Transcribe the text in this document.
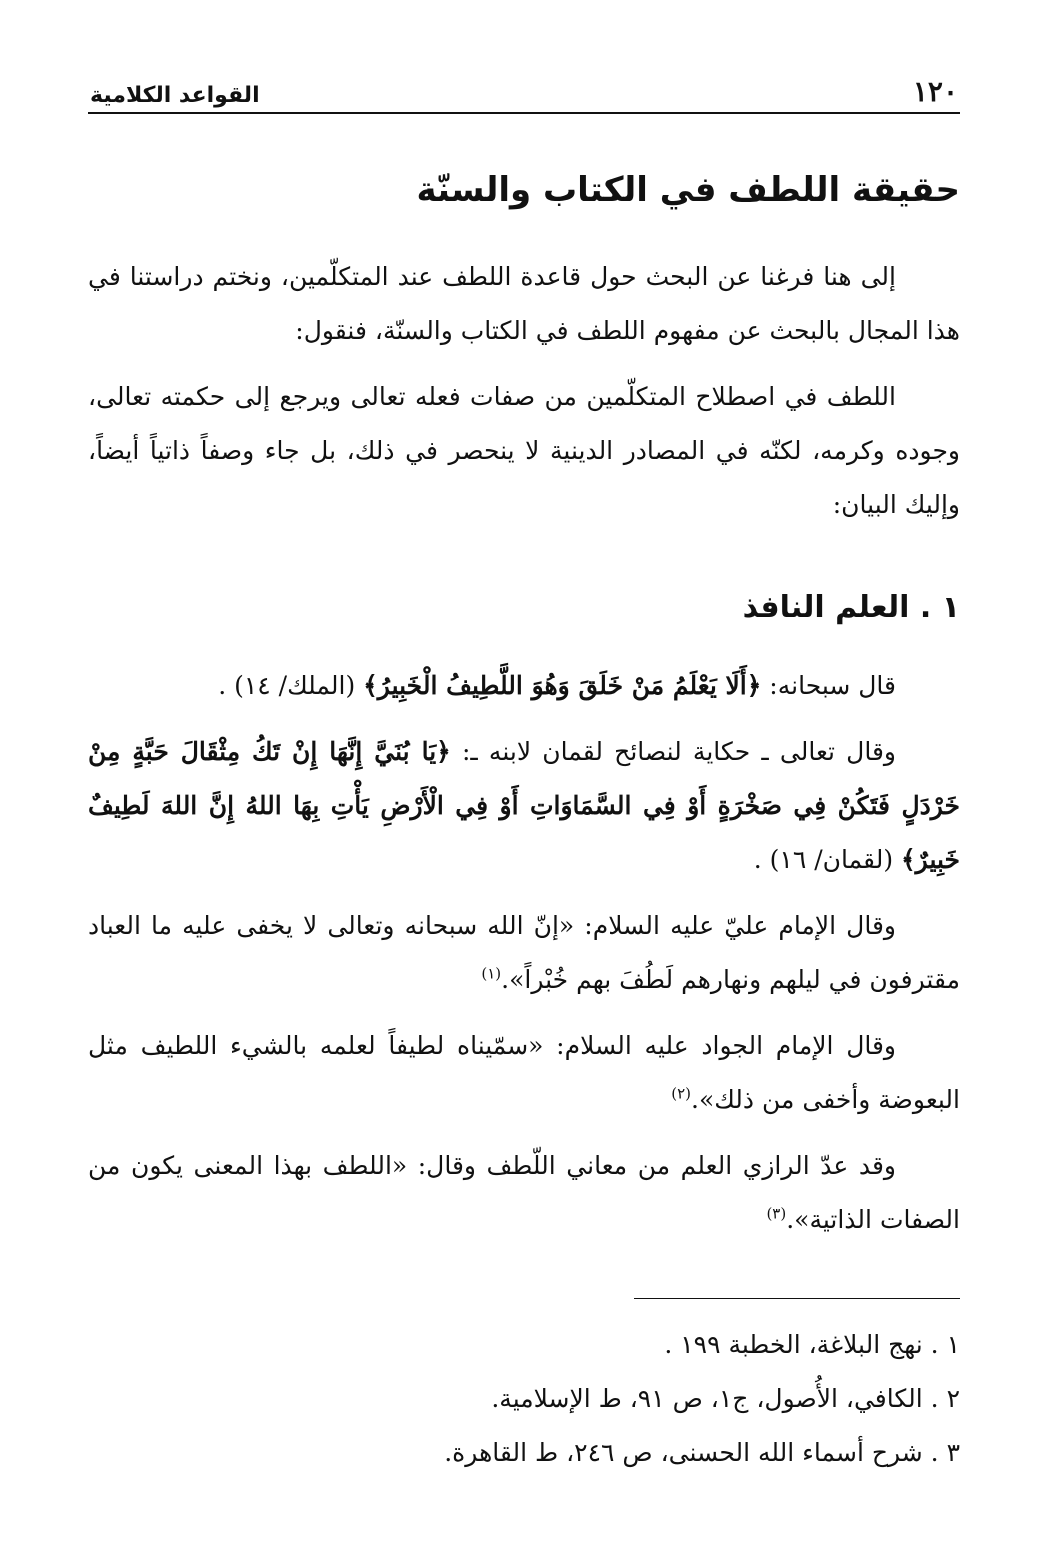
١٢٠
القواعد الكلامية
حقيقة اللطف في الكتاب والسنّة

إلى هنا فرغنا عن البحث حول قاعدة اللطف عند المتكلّمين، ونختم دراستنا في هذا المجال بالبحث عن مفهوم اللطف في الكتاب والسنّة، فنقول:

اللطف في اصطلاح المتكلّمين من صفات فعله تعالى ويرجع إلى حكمته تعالى، وجوده وكرمه، لكنّه في المصادر الدينية لا ينحصر في ذلك، بل جاء وصفاً ذاتياً أيضاً، وإليك البيان:

١ . العلم النافذ

قال سبحانه: ﴿أَلَا يَعْلَمُ مَنْ خَلَقَ وَهُوَ اللَّطِيفُ الْخَبِيرُ﴾ (الملك/ ١٤) .

وقال تعالى ـ حكاية لنصائح لقمان لابنه ـ: ﴿يَا بُنَيَّ إِنَّهَا إِنْ تَكُ مِثْقَالَ حَبَّةٍ مِنْ خَرْدَلٍ فَتَكُنْ فِي صَخْرَةٍ أَوْ فِي السَّمَاوَاتِ أَوْ فِي الْأَرْضِ يَأْتِ بِهَا اللهُ إِنَّ اللهَ لَطِيفٌ خَبِيرٌ﴾ (لقمان/ ١٦) .

وقال الإمام عليّ عليه السلام: «إنّ الله سبحانه وتعالى لا يخفى عليه ما العباد مقترفون في ليلهم ونهارهم لَطُفَ بهم خُبْراً».$^{(١)}$

وقال الإمام الجواد عليه السلام: «سمّيناه لطيفاً لعلمه بالشيء اللطيف مثل البعوضة وأخفى من ذلك».$^{(٢)}$

وقد عدّ الرازي العلم من معاني اللّطف وقال: «اللطف بهذا المعنى يكون من الصفات الذاتية».$^{(٣)}$

١ . نهج البلاغة، الخطبة ١٩٩ .

٢ . الكافي، الأُصول، ج١، ص ٩١، ط الإسلامية.

٣ . شرح أسماء الله الحسنى، ص ٢٤٦، ط القاهرة.
